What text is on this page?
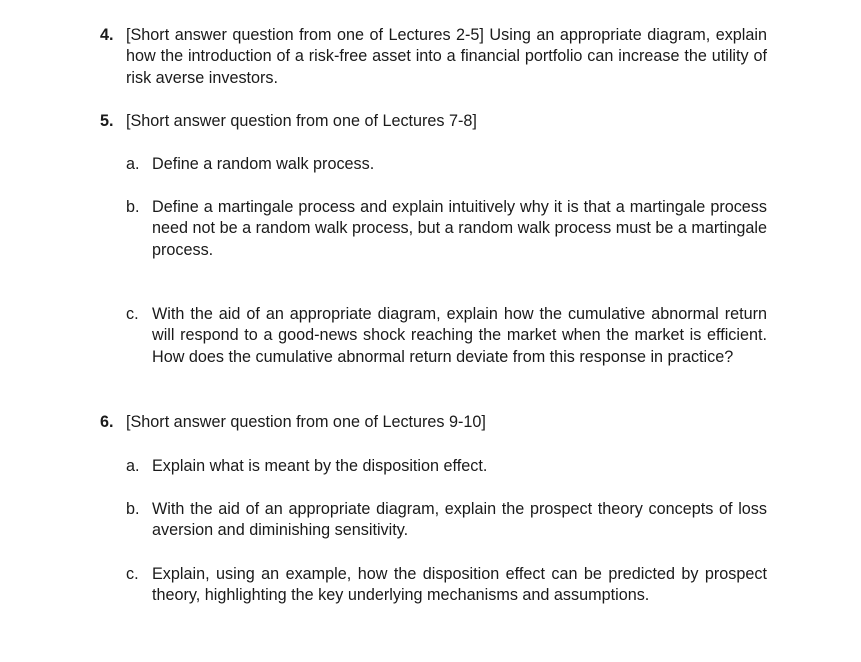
4. [Short answer question from one of Lectures 2-5] Using an appropriate diagram, explain how the introduction of a risk-free asset into a financial portfolio can increase the utility of risk averse investors.
5. [Short answer question from one of Lectures 7-8]
a. Define a random walk process.
b. Define a martingale process and explain intuitively why it is that a martingale process need not be a random walk process, but a random walk process must be a martingale process.
c. With the aid of an appropriate diagram, explain how the cumulative abnormal return will respond to a good-news shock reaching the market when the market is efficient. How does the cumulative abnormal return deviate from this response in practice?
6. [Short answer question from one of Lectures 9-10]
a. Explain what is meant by the disposition effect.
b. With the aid of an appropriate diagram, explain the prospect theory concepts of loss aversion and diminishing sensitivity.
c. Explain, using an example, how the disposition effect can be predicted by prospect theory, highlighting the key underlying mechanisms and assumptions.
